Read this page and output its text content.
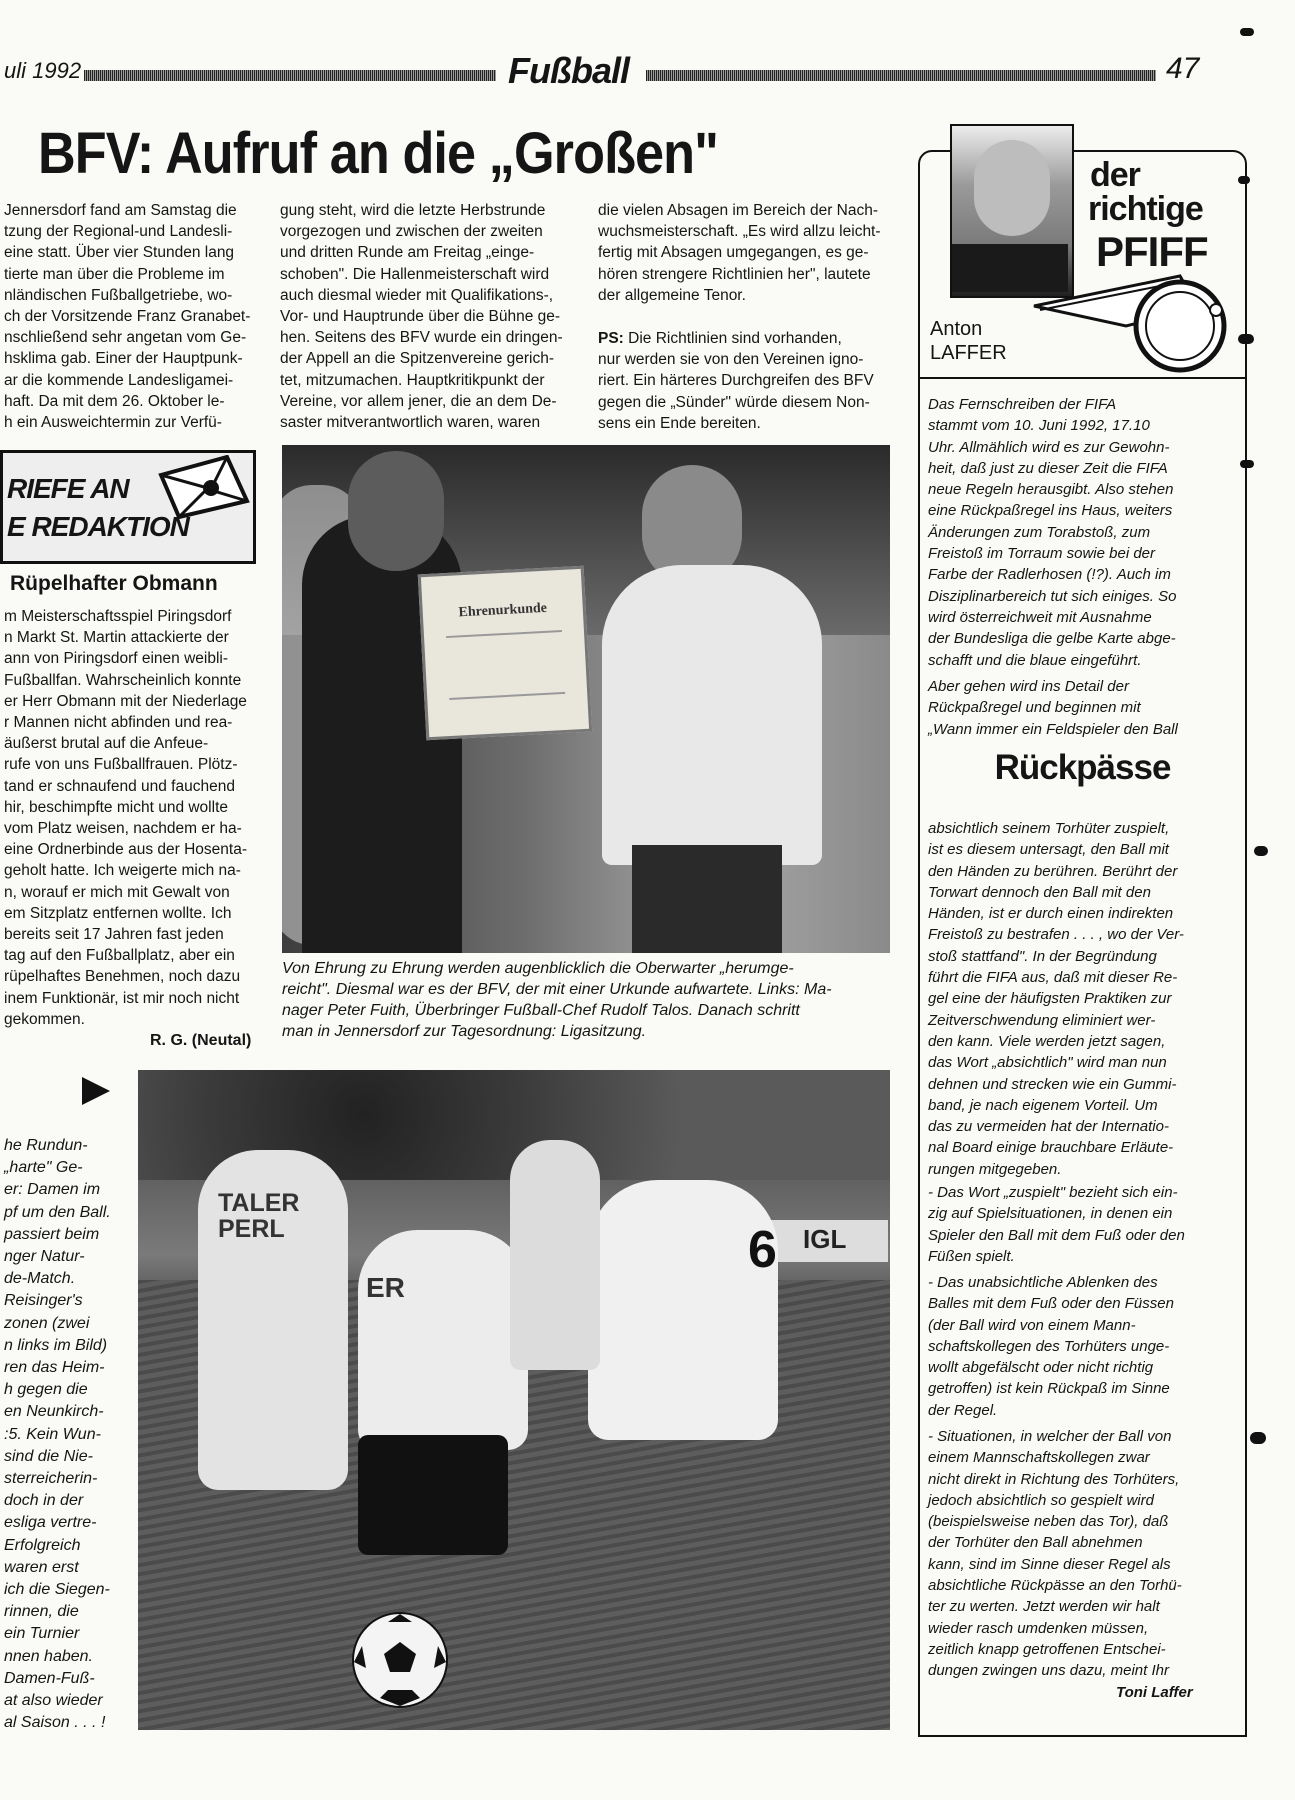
uli 1992	Fußball	47
BFV: Aufruf an die „Großen"
Jennersdorf fand am Samstag die
tzung der Regional-und Landesli-
eine statt. Über vier Stunden lang
tierte man über die Probleme im
nländischen Fußballgetriebe, wo-
ch der Vorsitzende Franz Granabet-
nschließend sehr angetan vom Ge-
hsklima gab. Einer der Hauptpunk-
ar die kommende Landesligamei-
haft. Da mit dem 26. Oktober le-
h ein Ausweichtermin zur Verfü-
gung steht, wird die letzte Herbstrunde
vorgezogen und zwischen der zweiten
und dritten Runde am Freitag „einge-
schoben". Die Hallenmeisterschaft wird
auch diesmal wieder mit Qualifikations-,
Vor- und Hauptrunde über die Bühne ge-
hen. Seitens des BFV wurde ein dringen-
der Appell an die Spitzenvereine gerich-
tet, mitzumachen. Hauptkritikpunkt der
Vereine, vor allem jener, die an dem De-
saster mitverantwortlich waren, waren
die vielen Absagen im Bereich der Nach-
wuchsmeisterschaft. „Es wird allzu leicht-
fertig mit Absagen umgegangen, es ge-
hören strengere Richtlinien her", lautete
der allgemeine Tenor.
PS: Die Richtlinien sind vorhanden,
nur werden sie von den Vereinen igno-
riert. Ein härteres Durchgreifen des BFV
gegen die „Sünder" würde diesem Non-
sens ein Ende bereiten.
RIEFE AN
E REDAKTION
Rüpelhafter Obmann
m Meisterschaftsspiel Piringsdorf
n Markt St. Martin attackierte der
ann von Piringsdorf einen weibli-
Fußballfan. Wahrscheinlich konnte
er Herr Obmann mit der Niederlage
r Mannen nicht abfinden und rea-
äußerst brutal auf die Anfeue-
rufe von uns Fußballfrauen. Plötz-
tand er schnaufend und fauchend
hir, beschimpfte micht und wollte
vom Platz weisen, nachdem er ha-
eine Ordnerbinde aus der Hosenta-
geholt hatte. Ich weigerte mich na-
n, worauf er mich mit Gewalt von
em Sitzplatz entfernen wollte. Ich
bereits seit 17 Jahren fast jeden
tag auf den Fußballplatz, aber ein
rüpelhaftes Benehmen, noch dazu
inem Funktionär, ist mir noch nicht
gekommen.
R. G. (Neutal)
Ehrenurkunde
Von Ehrung zu Ehrung werden augenblicklich die Oberwarter „herumge-
reicht". Diesmal war es der BFV, der mit einer Urkunde aufwartete. Links: Ma-
nager Peter Fuith, Überbringer Fußball-Chef Rudolf Talos. Danach schritt
man in Jennersdorf zur Tagesordnung: Ligasitzung.
he Rundun-
„harte" Ge-
er: Damen im
pf um den Ball.
passiert beim
nger Natur-
de-Match.
Reisinger's
zonen (zwei
n links im Bild)
ren das Heim-
h gegen die
en Neunkirch-
:5. Kein Wun-
sind die Nie-
sterreicherin-
doch in der
esliga vertre-
Erfolgreich
waren erst
ich die Siegen-
rinnen, die
ein Turnier
nnen haben.
Damen-Fuß-
at also wieder
al Saison . . . !
IGL
TALER
PERL
ER
6
der
richtige
PFIFF
Anton
LAFFER
Das Fernschreiben der FIFA
stammt vom 10. Juni 1992, 17.10
Uhr. Allmählich wird es zur Gewohn-
heit, daß just zu dieser Zeit die FIFA
neue Regeln herausgibt. Also stehen
eine Rückpaßregel ins Haus, weiters
Änderungen zum Torabstoß, zum
Freistoß im Torraum sowie bei der
Farbe der Radlerhosen (!?). Auch im
Disziplinarbereich tut sich einiges. So
wird österreichweit mit Ausnahme
der Bundesliga die gelbe Karte abge-
schafft und die blaue eingeführt.
Aber gehen wird ins Detail der
Rückpaßregel und beginnen mit
„Wann immer ein Feldspieler den Ball
Rückpässe
absichtlich seinem Torhüter zuspielt,
ist es diesem untersagt, den Ball mit
den Händen zu berühren. Berührt der
Torwart dennoch den Ball mit den
Händen, ist er durch einen indirekten
Freistoß zu bestrafen . . . , wo der Ver-
stoß stattfand". In der Begründung
führt die FIFA aus, daß mit dieser Re-
gel eine der häufigsten Praktiken zur
Zeitverschwendung eliminiert wer-
den kann. Viele werden jetzt sagen,
das Wort „absichtlich" wird man nun
dehnen und strecken wie ein Gummi-
band, je nach eigenem Vorteil. Um
das zu vermeiden hat der Internatio-
nal Board einige brauchbare Erläute-
rungen mitgegeben.
- Das Wort „zuspielt" bezieht sich ein-
zig auf Spielsituationen, in denen ein
Spieler den Ball mit dem Fuß oder den
Füßen spielt.
- Das unabsichtliche Ablenken des
Balles mit dem Fuß oder den Füssen
(der Ball wird von einem Mann-
schaftskollegen des Torhüters unge-
wollt abgefälscht oder nicht richtig
getroffen) ist kein Rückpaß im Sinne
der Regel.
- Situationen, in welcher der Ball von
einem Mannschaftskollegen zwar
nicht direkt in Richtung des Torhüters,
jedoch absichtlich so gespielt wird
(beispielsweise neben das Tor), daß
der Torhüter den Ball abnehmen
kann, sind im Sinne dieser Regel als
absichtliche Rückpässe an den Torhü-
ter zu werten. Jetzt werden wir halt
wieder rasch umdenken müssen,
zeitlich knapp getroffenen Entschei-
dungen zwingen uns dazu, meint Ihr
Toni Laffer
